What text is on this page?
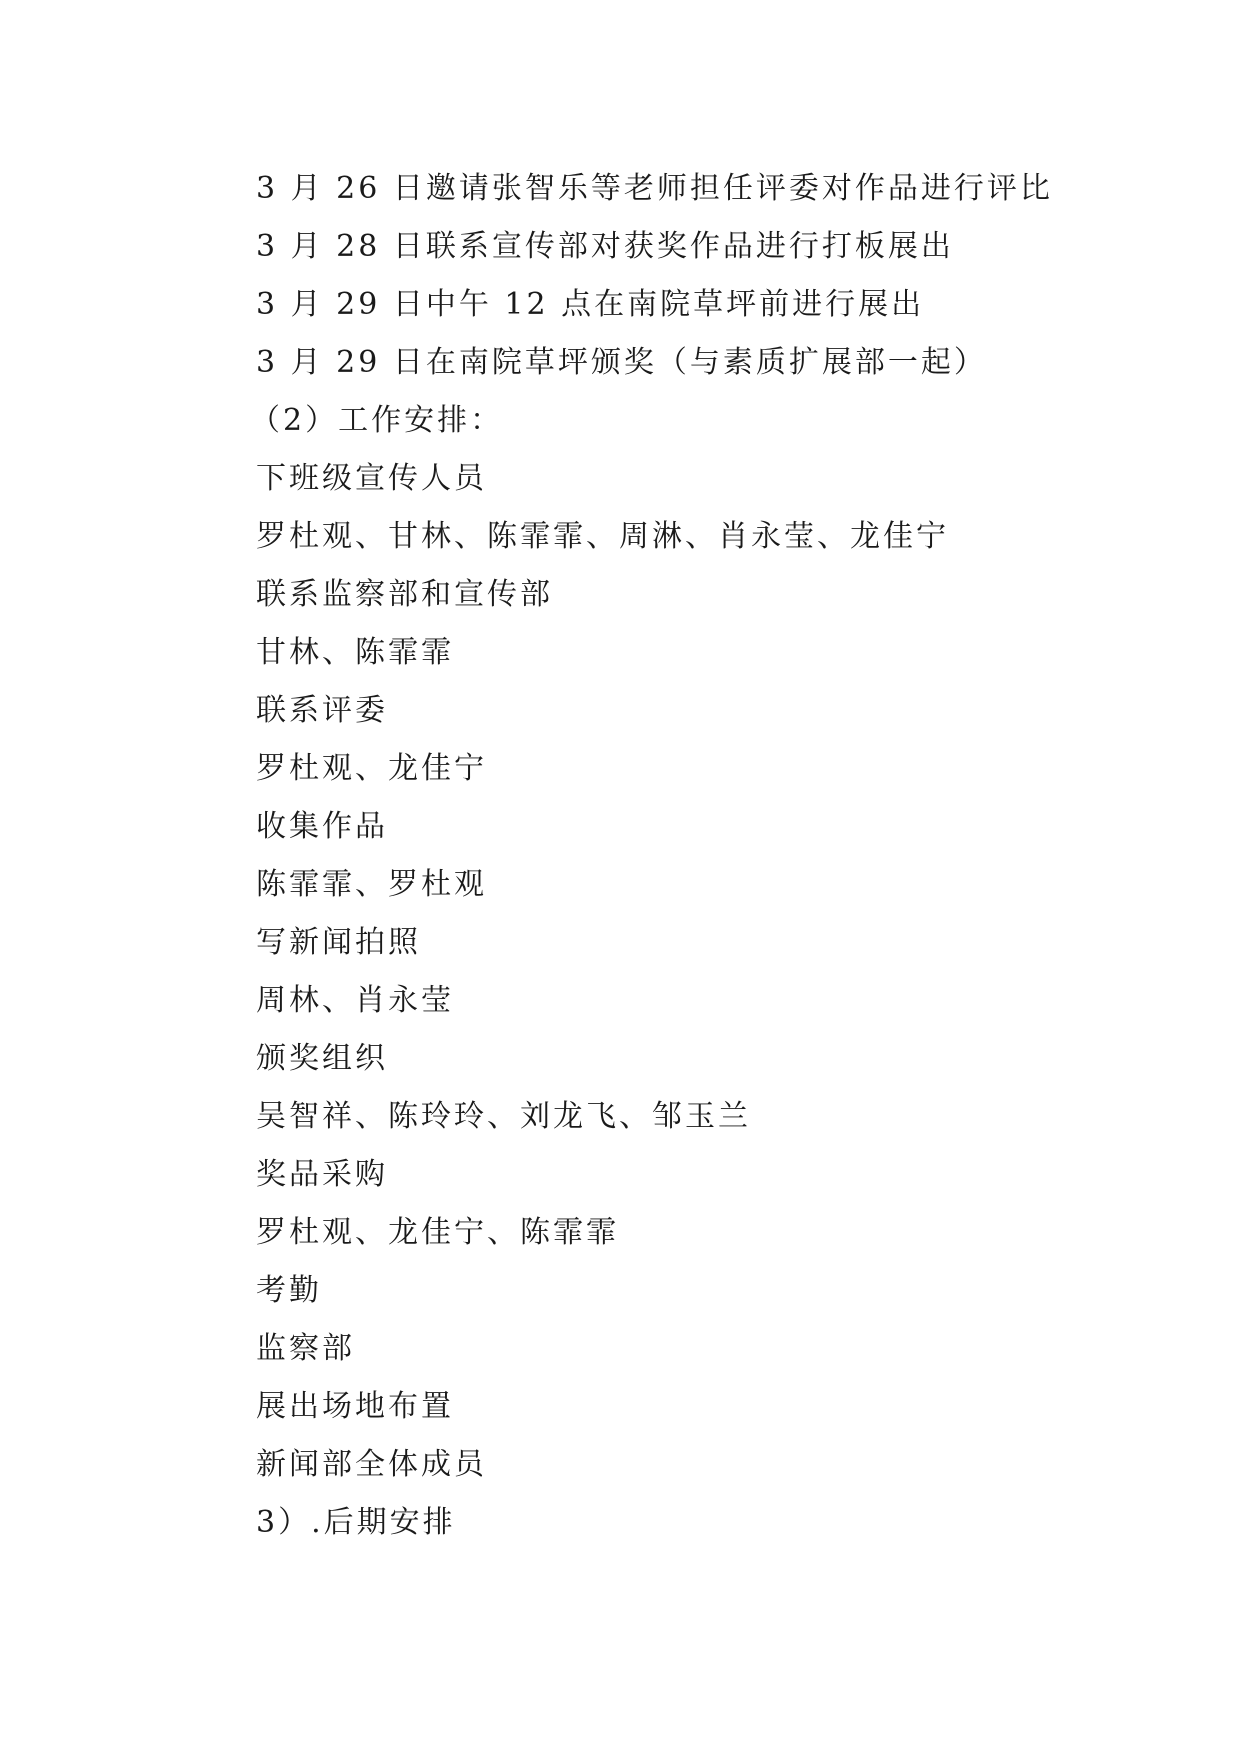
3 月 26 日邀请张智乐等老师担任评委对作品进行评比
3 月 28 日联系宣传部对获奖作品进行打板展出
3 月 29 日中午 12 点在南院草坪前进行展出
3 月 29 日在南院草坪颁奖（与素质扩展部一起）
（2）工作安排：
下班级宣传人员
罗杜观、甘林、陈霏霏、周淋、肖永莹、龙佳宁
联系监察部和宣传部
甘林、陈霏霏
联系评委
罗杜观、龙佳宁
收集作品
陈霏霏、罗杜观
写新闻拍照
周林、肖永莹
颁奖组织
吴智祥、陈玲玲、刘龙飞、邹玉兰
奖品采购
罗杜观、龙佳宁、陈霏霏
考勤
监察部
展出场地布置
新闻部全体成员
3）.后期安排
